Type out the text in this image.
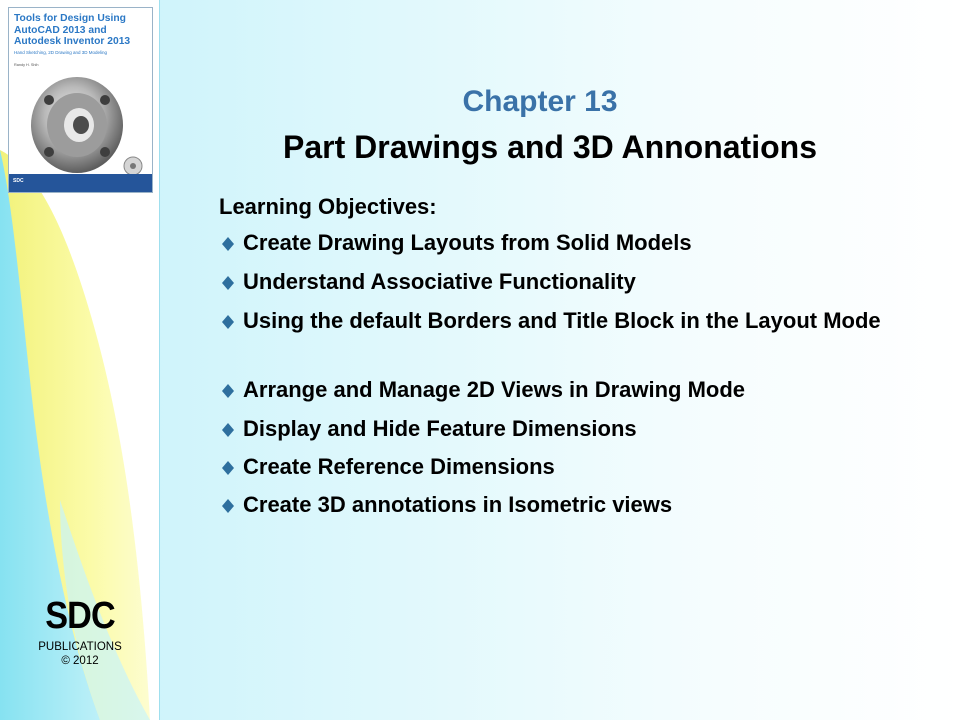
Tools for Design Using AutoCAD 2013 and Autodesk Inventor 2013
Hand Sketching, 2D Drawing and 3D Modeling
Randy H. Shih
SDC
SDC
PUBLICATIONS
© 2012
Chapter 13
Part Drawings and 3D Annonations
Learning Objectives:
Create Drawing Layouts from Solid Models
Understand Associative Functionality
Using the default Borders and Title Block in the Layout Mode
Arrange and Manage 2D Views in Drawing Mode
Display and Hide Feature Dimensions
Create Reference Dimensions
Create 3D annotations in Isometric views
